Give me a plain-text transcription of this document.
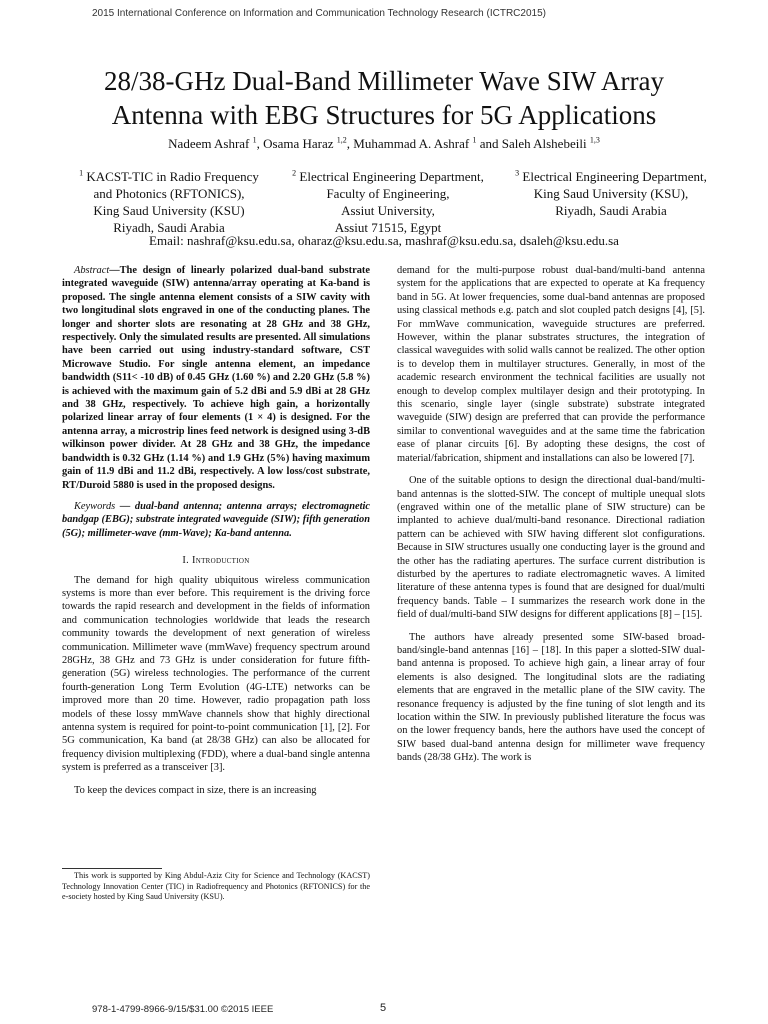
2015 International Conference on Information and Communication Technology Research (ICTRC2015)
28/38-GHz Dual-Band Millimeter Wave SIW Array
Antenna with EBG Structures for 5G Applications
Nadeem Ashraf $^1$, Osama Haraz $^{1,2}$, Muhammad A. Ashraf $^1$ and Saleh Alshebeili $^{1,3}$
$^1$ KACST-TIC in Radio Frequency
and Photonics (RFTONICS),
King Saud University (KSU)
Riyadh, Saudi Arabia
$^2$ Electrical Engineering Department,
Faculty of Engineering,
Assiut University,
Assiut 71515, Egypt
$^3$ Electrical Engineering Department,
King Saud University (KSU),
Riyadh, Saudi Arabia
Email: nashraf@ksu.edu.sa, oharaz@ksu.edu.sa, mashraf@ksu.edu.sa, dsaleh@ksu.edu.sa

Abstract—The design of linearly polarized dual-band substrate integrated waveguide (SIW) antenna/array operating at Ka-band is proposed. The single antenna element consists of a SIW cavity with two longitudinal slots engraved in one of the conducting planes. The longer and shorter slots are resonating at 28 GHz and 38 GHz, respectively. Only the simulated results are presented. All simulations have been carried out using industry-standard software, CST Microwave Studio. For single antenna element, an impedance bandwidth (S11< -10 dB) of 0.45 GHz (1.60 %) and 2.20 GHz (5.8 %) is achieved with the maximum gain of 5.2 dBi and 5.9 dBi at 28 GHz and 38 GHz, respectively. To achieve high gain, a horizontally polarized linear array of four elements (1 × 4) is designed. For the antenna array, a microstrip lines feed network is designed using 3-dB wilkinson power divider. At 28 GHz and 38 GHz, the impedance bandwidth is 0.32 GHz (1.14 %) and 1.9 GHz (5%) having maximum gain of 11.9 dBi and 11.2 dBi, respectively. A low loss/cost substrate, RT/Duroid 5880 is used in the proposed designs.

Keywords — dual-band antenna; antenna arrays; electromagnetic bandgap (EBG); substrate integrated waveguide (SIW); fifth generation (5G); millimeter-wave (mm-Wave); Ka-band antenna.

I. Introduction

The demand for high quality ubiquitous wireless communication systems is more than ever before. This requirement is the driving force towards the rapid research and development in the fields of information and communication technologies worldwide that leads the research community towards the development of next generation of wireless communication. Millimeter wave (mmWave) frequency spectrum around 28GHz, 38 GHz and 73 GHz is under consideration for future fifth-generation (5G) wireless technologies. The performance of the current fourth-generation Long Term Evolution (4G-LTE) networks can be improved more than 20 time. However, radio propagation path loss models of these lossy mmWave channels show that highly directional antenna system is required for point-to-point communication [1], [2]. For 5G communication, Ka band (at 28/38 GHz) can also be allocated for frequency division multiplexing (FDD), where a dual-band single antenna system is preferred as a transceiver [3].

To keep the devices compact in size, there is an increasing

demand for the multi-purpose robust dual-band/multi-band antenna system for the applications that are expected to operate at Ka frequency band in 5G. At lower frequencies, some dual-band antennas are proposed using classical methods e.g. patch and slot coupled patch designs [4], [5]. For mmWave communication, waveguide structures are preferred. However, within the planar substrates structures, the integration of classical waveguides with solid walls cannot be realized. The other option is to develop them in multilayer structures. Generally, in most of the academic research environment the technical facilities are usually not enough to develop complex multilayer design and their prototyping. In this scenario, single layer (single substrate) substrate integrated waveguide (SIW) design are preferred that can provide the performance similar to conventional waveguides and at the same time the fabrication ease of planar circuits [6]. By adopting these designs, the cost of material/fabrication, shipment and installations can also be lowered [7].

One of the suitable options to design the directional dual-band/multi-band antennas is the slotted-SIW. The concept of multiple unequal slots (engraved within one of the metallic plane of SIW structure) can be implanted to achieve dual/multi-band resonance. Directional radiation pattern can be achieved with SIW having different slot configurations. Because in SIW structures usually one conducting layer is the ground and the other has the radiating apertures. The surface current distribution is disturbed by the apertures to radiate electromagnetic waves. A limited literature of these antenna types is found that are designed for dual/multi frequency bands. Table – I summarizes the research work done in the field of dual/multi-band SIW designs for different applications [8] – [15].

The authors have already presented some SIW-based broad-band/single-band antennas [16] – [18]. In this paper a slotted-SIW dual-band antenna is proposed. To achieve high gain, a linear array of four elements is also designed. The longitudinal slots are the radiating elements that are engraved in the metallic plane of the SIW cavity. The resonance frequency is adjusted by the fine tuning of slot length and its location within the SIW. In previously published literature the focus was on the lower frequency bands, here the authors have used the concept of SIW based dual-band antenna design for millimeter wave frequency bands (28/38 GHz). The work is

This work is supported by King Abdul-Aziz City for Science and Technology (KACST) Technology Innovation Center (TIC) in Radiofrequency and Photonics (RFTONICS) for the e-society hosted by King Saud University (KSU).
978-1-4799-8966-9/15/$31.00 ©2015 IEEE	5
